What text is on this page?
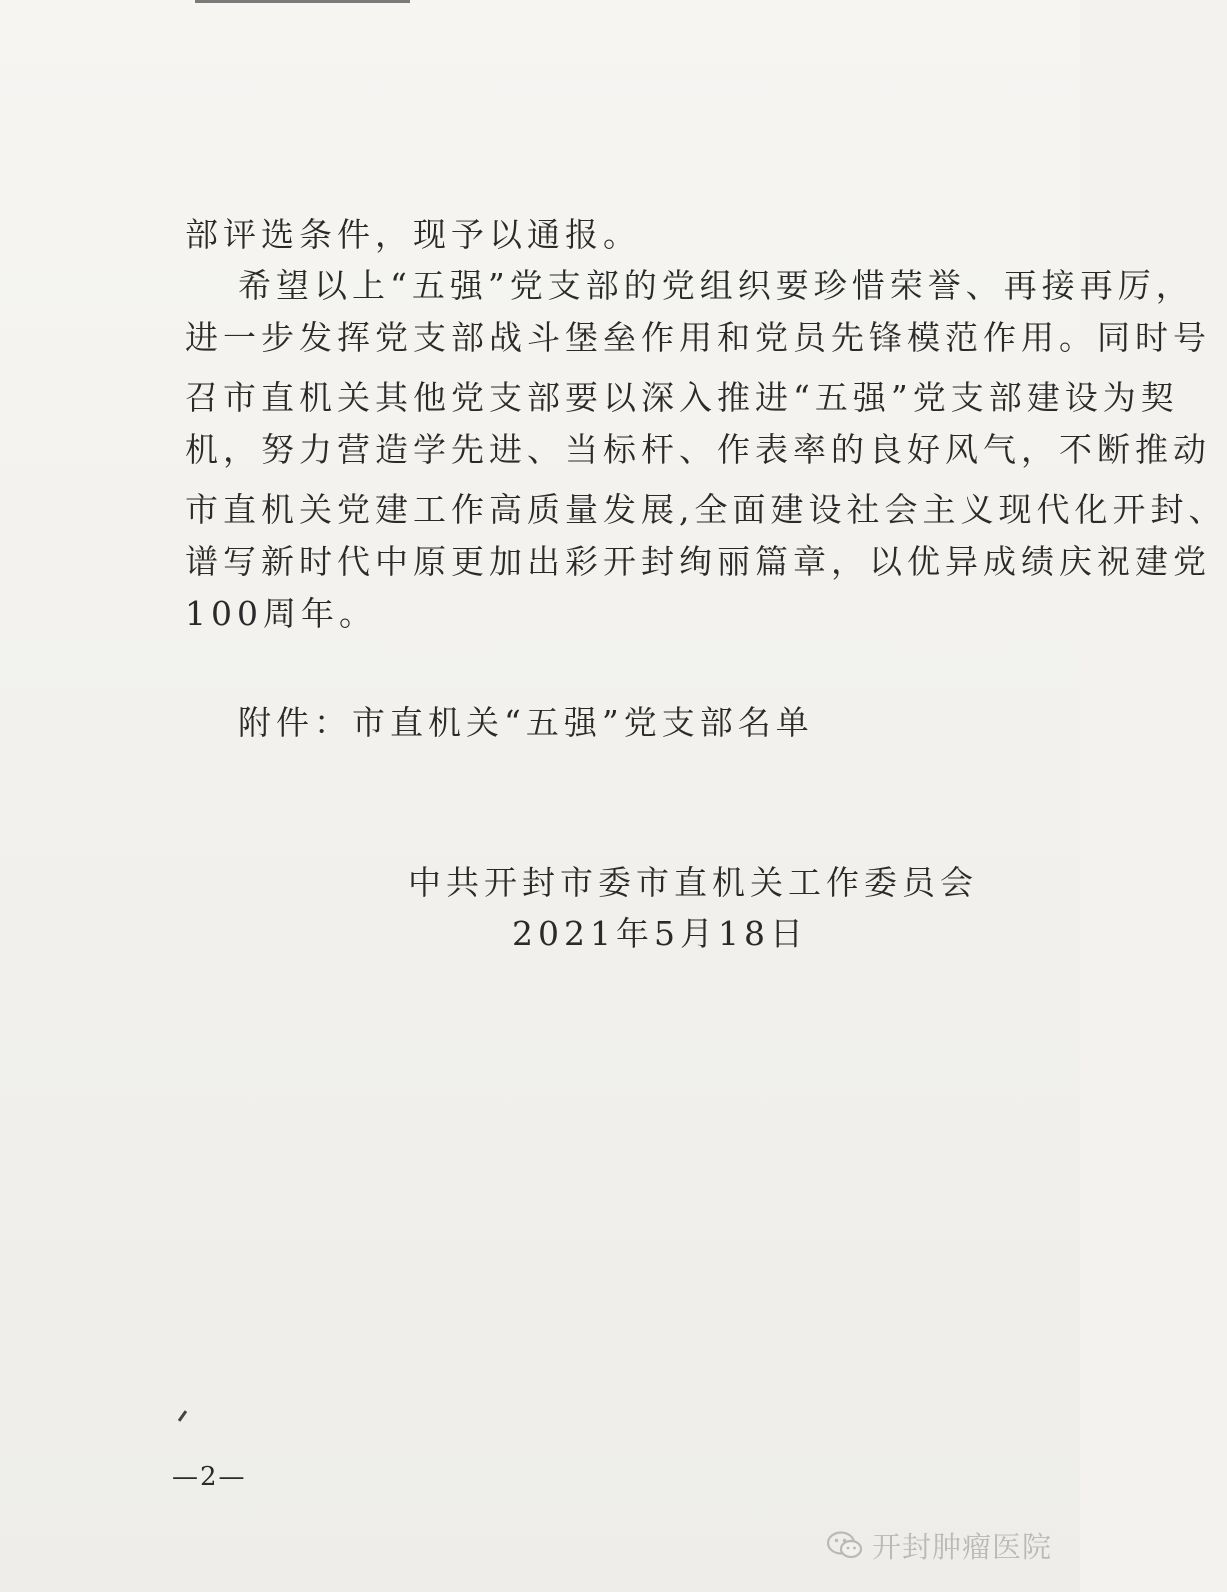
部评选条件，现予以通报。
希望以上“五强”党支部的党组织要珍惜荣誉、再接再厉，
进一步发挥党支部战斗堡垒作用和党员先锋模范作用。同时号
召市直机关其他党支部要以深入推进“五强”党支部建设为契
机，努力营造学先进、当标杆、作表率的良好风气，不断推动
市直机关党建工作高质量发展,全面建设社会主义现代化开封、
谱写新时代中原更加出彩开封绚丽篇章，以优异成绩庆祝建党
100周年。
附件：市直机关“五强”党支部名单
中共开封市委市直机关工作委员会
2021年5月18日
—2—
开封肿瘤医院
